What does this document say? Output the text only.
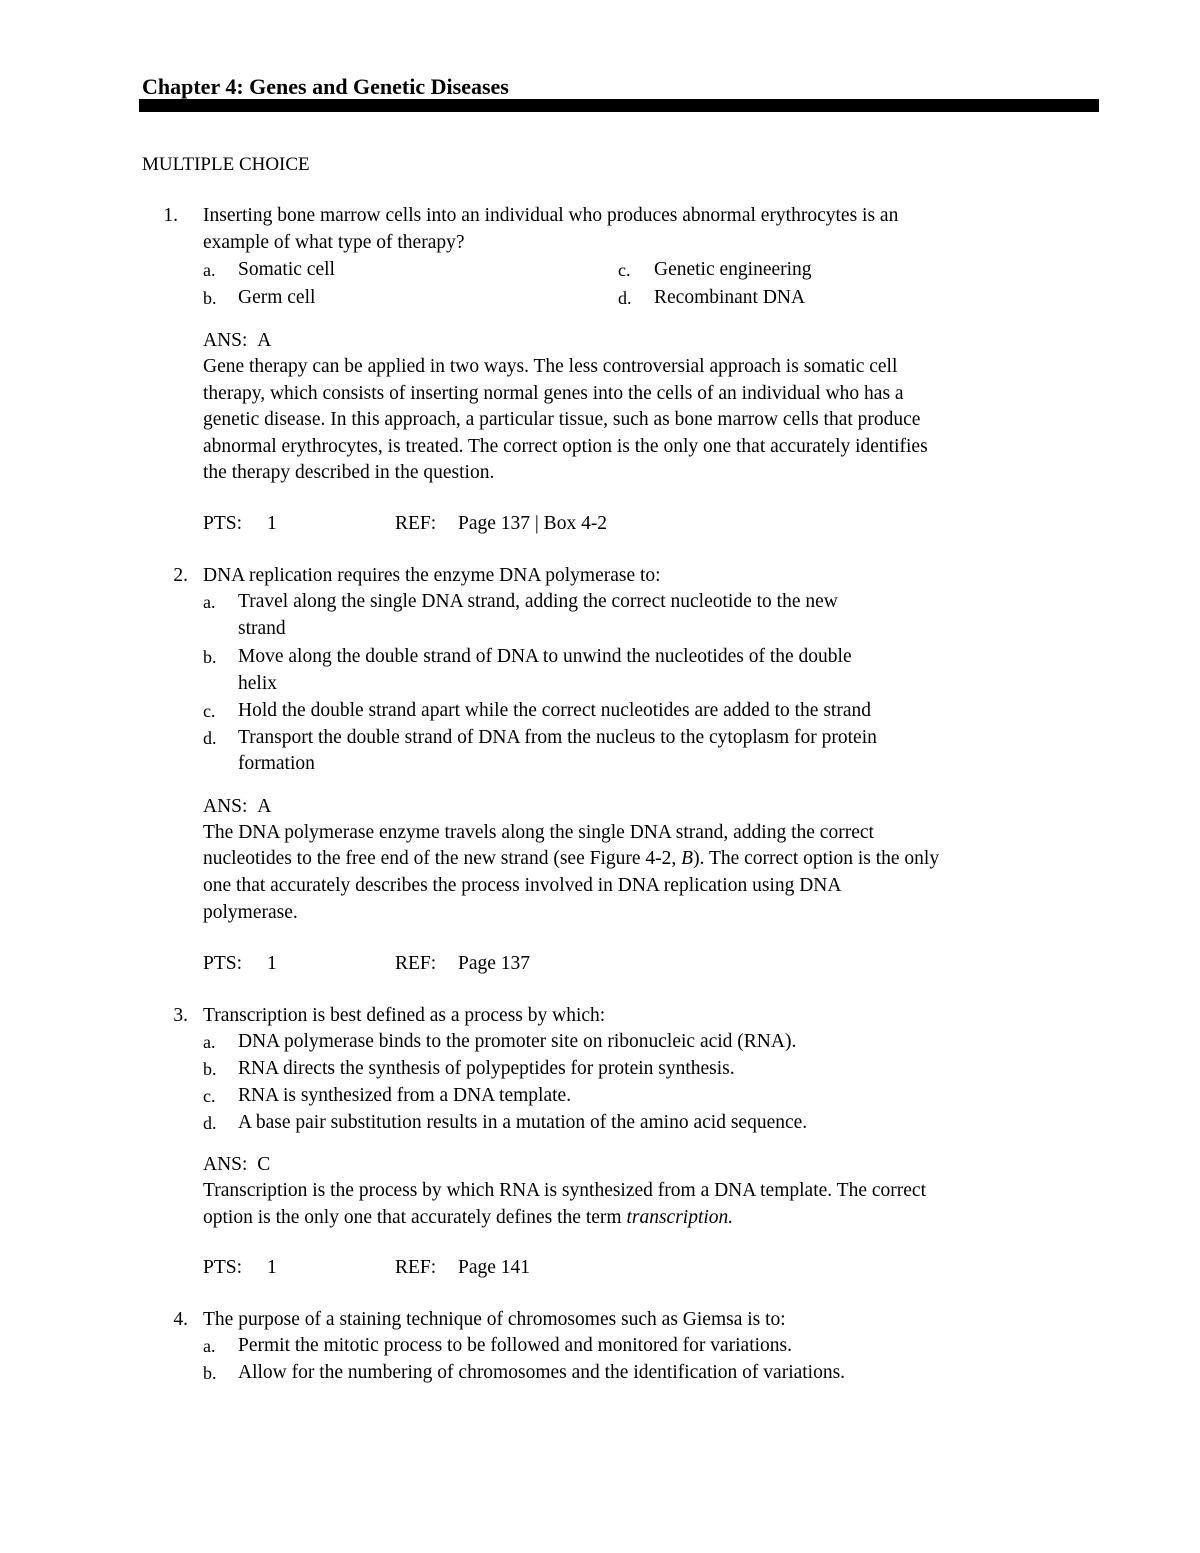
Chapter 4: Genes and Genetic Diseases
MULTIPLE CHOICE
1. Inserting bone marrow cells into an individual who produces abnormal erythrocytes is an
example of what type of therapy?
a. Somatic cell	c. Genetic engineering
b. Germ cell	d. Recombinant DNA
ANS: A
Gene therapy can be applied in two ways. The less controversial approach is somatic cell
therapy, which consists of inserting normal genes into the cells of an individual who has a
genetic disease. In this approach, a particular tissue, such as bone marrow cells that produce
abnormal erythrocytes, is treated. The correct option is the only one that accurately identifies
the therapy described in the question.
PTS: 1	REF: Page 137 | Box 4-2
2. DNA replication requires the enzyme DNA polymerase to:
a. Travel along the single DNA strand, adding the correct nucleotide to the new
strand
b. Move along the double strand of DNA to unwind the nucleotides of the double
helix
c. Hold the double strand apart while the correct nucleotides are added to the strand
d. Transport the double strand of DNA from the nucleus to the cytoplasm for protein
formation
ANS: A
The DNA polymerase enzyme travels along the single DNA strand, adding the correct
nucleotides to the free end of the new strand (see Figure 4-2, B). The correct option is the only
one that accurately describes the process involved in DNA replication using DNA
polymerase.
PTS: 1	REF: Page 137
3. Transcription is best defined as a process by which:
a. DNA polymerase binds to the promoter site on ribonucleic acid (RNA).
b. RNA directs the synthesis of polypeptides for protein synthesis.
c. RNA is synthesized from a DNA template.
d. A base pair substitution results in a mutation of the amino acid sequence.
ANS: C
Transcription is the process by which RNA is synthesized from a DNA template. The correct
option is the only one that accurately defines the term transcription.
PTS: 1	REF: Page 141
4. The purpose of a staining technique of chromosomes such as Giemsa is to:
a. Permit the mitotic process to be followed and monitored for variations.
b. Allow for the numbering of chromosomes and the identification of variations.
